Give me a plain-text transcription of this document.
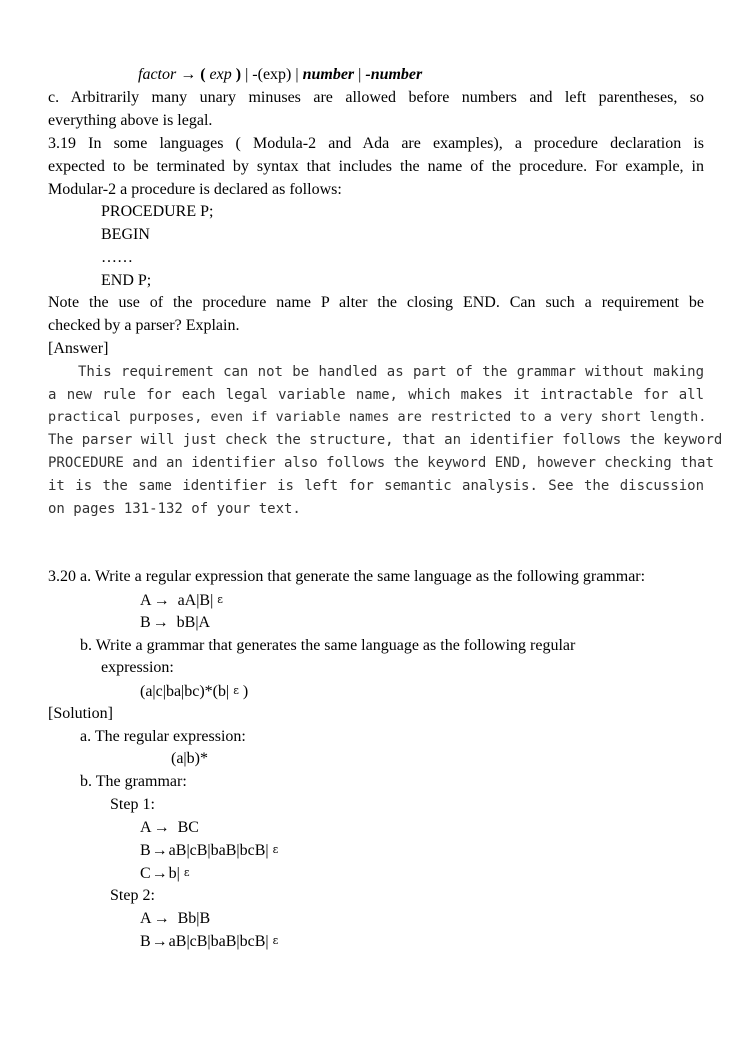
factor → ( exp ) | -(exp) | number | -number
c. Arbitrarily many unary minuses are allowed before numbers and left parentheses, so
everything above is legal.
3.19 In some languages ( Modula-2 and Ada are examples), a procedure declaration is
expected to be terminated by syntax that includes the name of the procedure. For example, in
Modular-2 a procedure is declared as follows:
PROCEDURE P;
BEGIN
……
END P;
Note the use of the procedure name P alter the closing END. Can such a requirement be
checked by a parser? Explain.
[Answer]
This requirement can not be handled as part of the grammar without making
a new rule for each legal variable name, which makes it intractable for all
practical purposes, even if variable names are restricted to a very short length.
The parser will just check the structure, that an identifier follows the keyword
PROCEDURE and an identifier also follows the keyword END, however checking that
it is the same identifier is left for semantic analysis. See the discussion
on pages 131-132 of your text.
3.20 a. Write a regular expression that generate the same language as the following grammar:
A → aA|B| ε
B → bB|A
b. Write a grammar that generates the same language as the following regular
expression:
(a|c|ba|bc)*(b| ε )
[Solution]
a. The regular expression:
(a|b)*
b. The grammar:
Step 1:
A → BC
B→aB|cB|baB|bcB| ε
C→b| ε
Step 2:
A → Bb|B
B→aB|cB|baB|bcB| ε
